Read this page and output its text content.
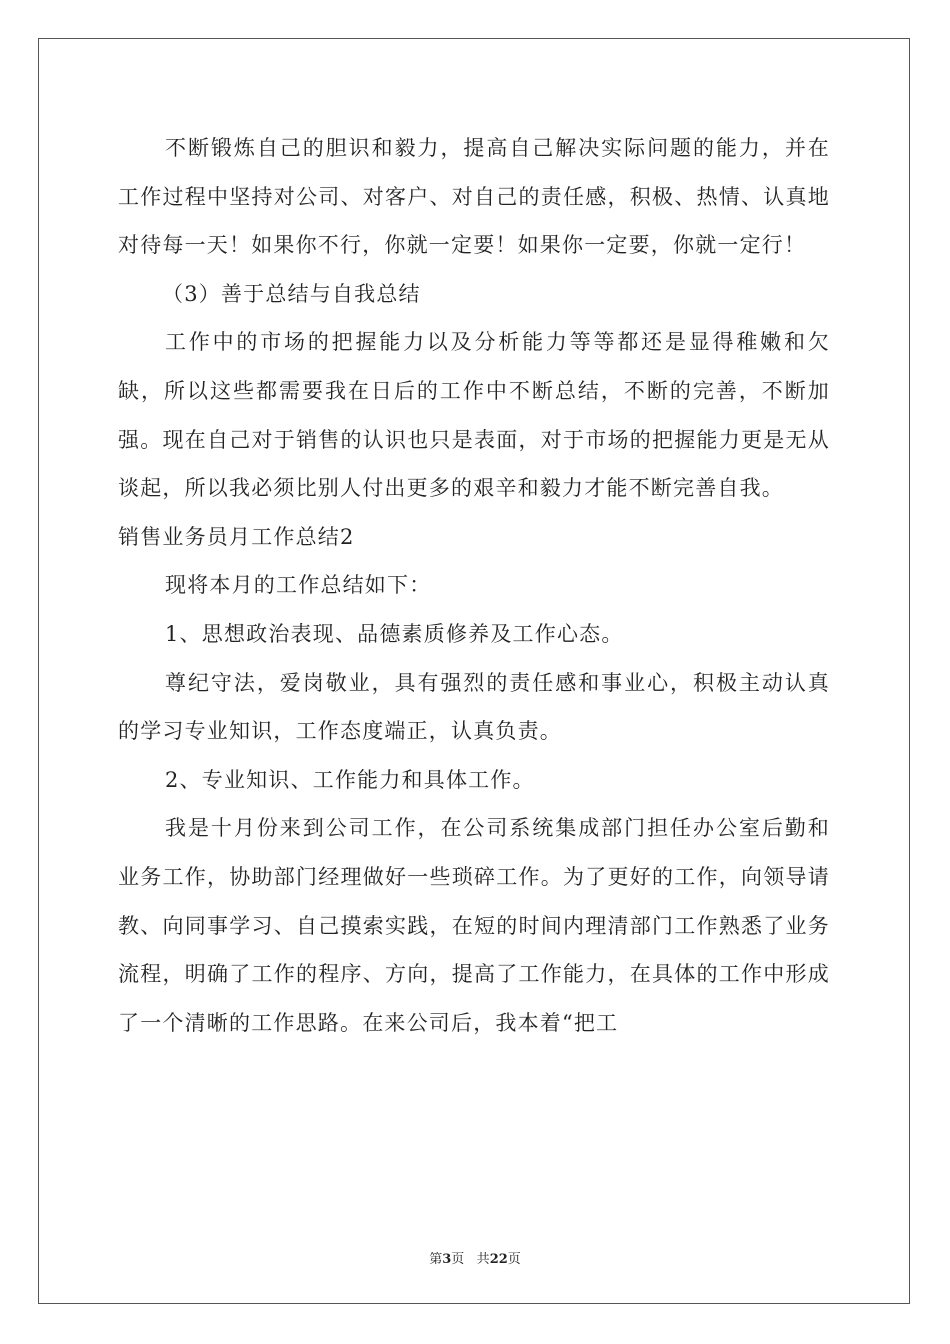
不断锻炼自己的胆识和毅力，提高自己解决实际问题的能力，并在工作过程中坚持对公司、对客户、对自己的责任感，积极、热情、认真地对待每一天！如果你不行，你就一定要！如果你一定要，你就一定行！

（3）善于总结与自我总结

工作中的市场的把握能力以及分析能力等等都还是显得稚嫩和欠缺，所以这些都需要我在日后的工作中不断总结，不断的完善，不断加强。现在自己对于销售的认识也只是表面，对于市场的把握能力更是无从谈起，所以我必须比别人付出更多的艰辛和毅力才能不断完善自我。

销售业务员月工作总结2

现将本月的工作总结如下：

1、思想政治表现、品德素质修养及工作心态。

尊纪守法，爱岗敬业，具有强烈的责任感和事业心，积极主动认真的学习专业知识，工作态度端正，认真负责。

2、专业知识、工作能力和具体工作。

我是十月份来到公司工作，在公司系统集成部门担任办公室后勤和业务工作，协助部门经理做好一些琐碎工作。为了更好的工作，向领导请教、向同事学习、自己摸索实践，在短的时间内理清部门工作熟悉了业务流程，明确了工作的程序、方向，提高了工作能力，在具体的工作中形成了一个清晰的工作思路。在来公司后，我本着“把工

第3页 共22页
